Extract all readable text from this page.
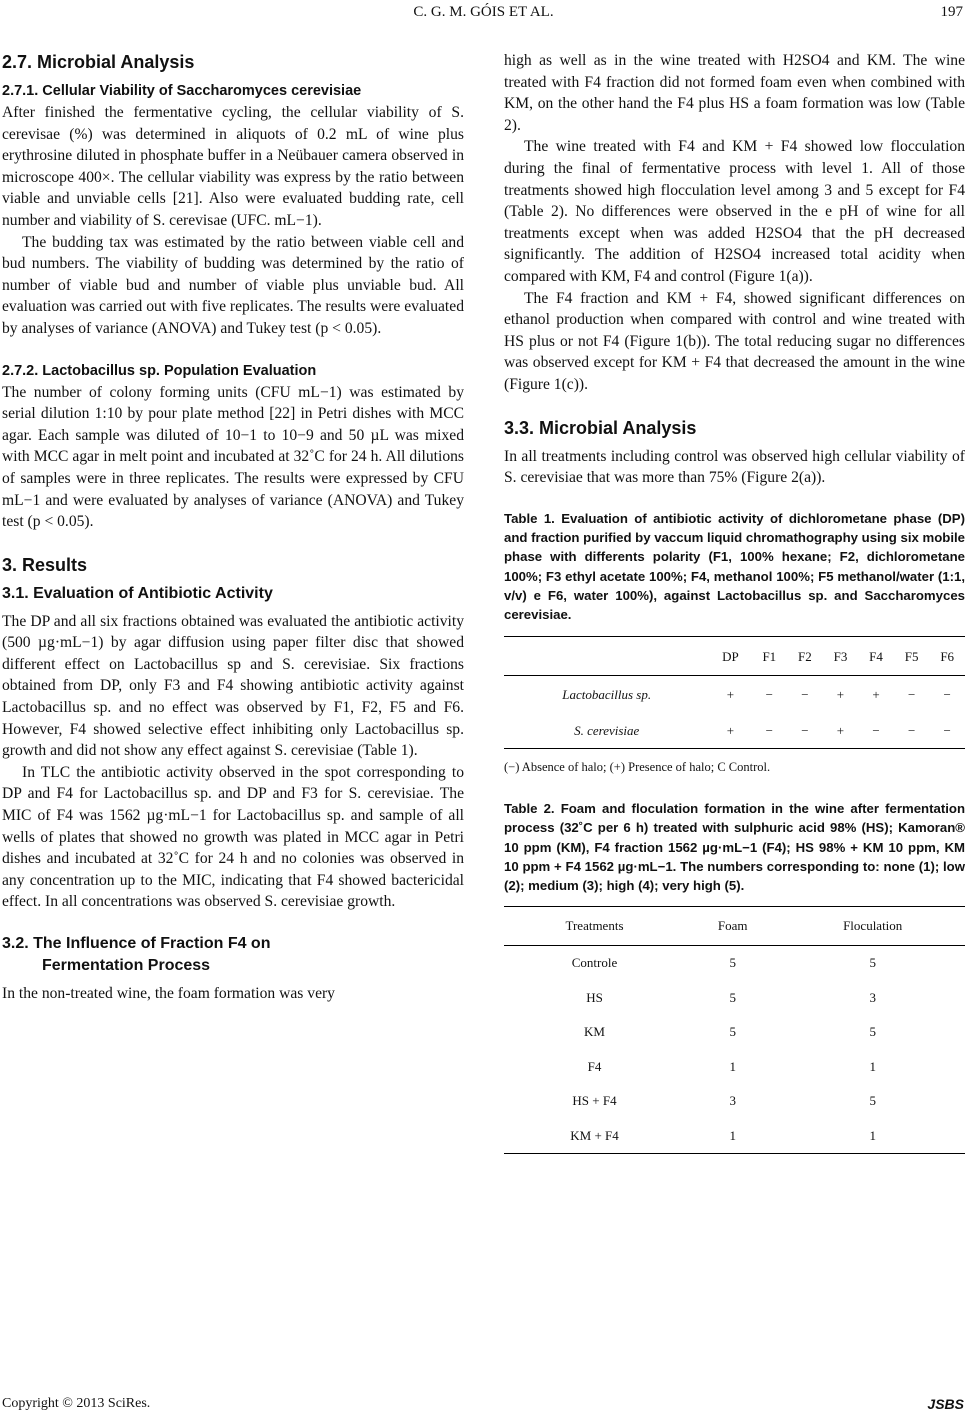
C. G. M. GÓIS ET AL.	197
2.7. Microbial Analysis
2.7.1. Cellular Viability of Saccharomyces cerevisiae

After finished the fermentative cycling, the cellular viability of S. cerevisae (%) was determined in aliquots of 0.2 mL of wine plus erythrosine diluted in phosphate buffer in a Neübauer camera observed in microscope 400×. The cellular viability was express by the ratio between viable and unviable cells [21]. Also were evaluated budding rate, cell number and viability of S. cerevisae (UFC. mL−1).

The budding tax was estimated by the ratio between viable cell and bud numbers. The viability of budding was determined by the ratio of number of viable bud and number of viable plus unviable bud. All evaluation was carried out with five replicates. The results were evaluated by analyses of variance (ANOVA) and Tukey test (p < 0.05).

2.7.2. Lactobacillus sp. Population Evaluation

The number of colony forming units (CFU mL−1) was estimated by serial dilution 1:10 by pour plate method [22] in Petri dishes with MCC agar. Each sample was diluted of 10−1 to 10−9 and 50 µL was mixed with MCC agar in melt point and incubated at 32˚C for 24 h. All dilutions of samples were in three replicates. The results were expressed by CFU mL−1 and were evaluated by analyses of variance (ANOVA) and Tukey test (p < 0.05).

3. Results
3.1. Evaluation of Antibiotic Activity

The DP and all six fractions obtained was evaluated the antibiotic activity (500 µg·mL−1) by agar diffusion using paper filter disc that showed different effect on Lactobacillus sp and S. cerevisiae. Six fractions obtained from DP, only F3 and F4 showing antibiotic activity against Lactobacillus sp. and no effect was observed by F1, F2, F5 and F6. However, F4 showed selective effect inhibiting only Lactobacillus sp. growth and did not show any effect against S. cerevisiae (Table 1).

In TLC the antibiotic activity observed in the spot corresponding to DP and F4 for Lactobacillus sp. and DP and F3 for S. cerevisiae. The MIC of F4 was 1562 µg·mL−1 for Lactobacillus sp. and sample of all wells of plates that showed no growth was plated in MCC agar in Petri dishes and incubated at 32˚C for 24 h and no colonies was observed in any concentration up to the MIC, indicating that F4 showed bactericidal effect. In all concentrations was observed S. cerevisiae growth.

3.2. The Influence of Fraction F4 on
Fermentation Process

In the non-treated wine, the foam formation was very

high as well as in the wine treated with H2SO4 and KM. The wine treated with F4 fraction did not formed foam even when combined with KM, on the other hand the F4 plus HS a foam formation was low (Table 2).

The wine treated with F4 and KM + F4 showed low flocculation during the final of fermentative process with level 1. All of those treatments showed high flocculation level among 3 and 5 except for F4 (Table 2). No differences were observed in the e pH of wine for all treatments except when was added H2SO4 that the pH decreased significantly. The addition of H2SO4 increased total acidity when compared with KM, F4 and control (Figure 1(a)).

The F4 fraction and KM + F4, showed significant differences on ethanol production when compared with control and wine treated with HS plus or not F4 (Figure 1(b)). The total reducing sugar no differences was observed except for KM + F4 that decreased the amount in the wine (Figure 1(c)).

3.3. Microbial Analysis

In all treatments including control was observed high cellular viability of S. cerevisiae that was more than 75% (Figure 2(a)).

Table 1. Evaluation of antibiotic activity of dichlorometane phase (DP) and fraction purified by vaccum liquid chromathography using six mobile phase with differents polarity (F1, 100% hexane; F2, dichlorometane 100%; F3 ethyl acetate 100%; F4, methanol 100%; F5 methanol/water (1:1, v/v) e F6, water 100%), against Lactobacillus sp. and Saccharomyces cerevisiae.

	DP	F1	F2	F3	F4	F5	F6
Lactobacillus sp.	+	−	−	+	+	−	−
S. cerevisiae	+	−	−	+	−	−	−

(−) Absence of halo; (+) Presence of halo; C Control.

Table 2. Foam and floculation formation in the wine after fermentation process (32˚C per 6 h) treated with sulphuric acid 98% (HS); Kamoran® 10 ppm (KM), F4 fraction 1562 µg·mL−1 (F4); HS 98% + KM 10 ppm, KM 10 ppm + F4 1562 µg·mL−1. The numbers corresponding to: none (1); low (2); medium (3); high (4); very high (5).

Treatments	Foam	Floculation
Controle	5	5
HS	5	3
KM	5	5
F4	1	1
HS + F4	3	5
KM + F4	1	1
Copyright © 2013 SciRes.	JSBS
